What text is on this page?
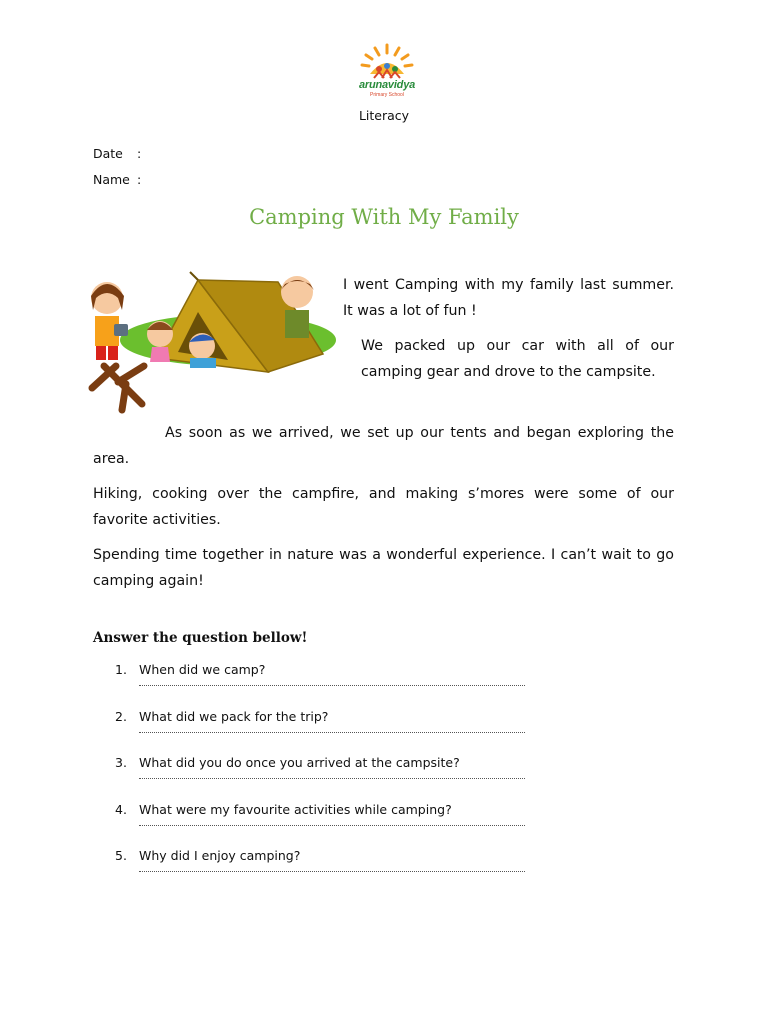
arunavidya
Primary School
Literacy
Date :
Name :
Camping With My Family
I went Camping with my family last summer. It was a lot of fun !
We packed up our car with all of our camping gear and drove to the campsite.
As soon as we arrived, we set up our tents and began exploring the area.
Hiking, cooking over the campfire, and making s’mores were some of our favorite activities.
Spending time together in nature was a wonderful experience. I can’t wait to go camping again!
Answer the question bellow!
1. When did we camp?
2. What did we pack for the trip?
3. What did you do once you arrived at the campsite?
4. What were my favourite activities while camping?
5. Why did I enjoy camping?
